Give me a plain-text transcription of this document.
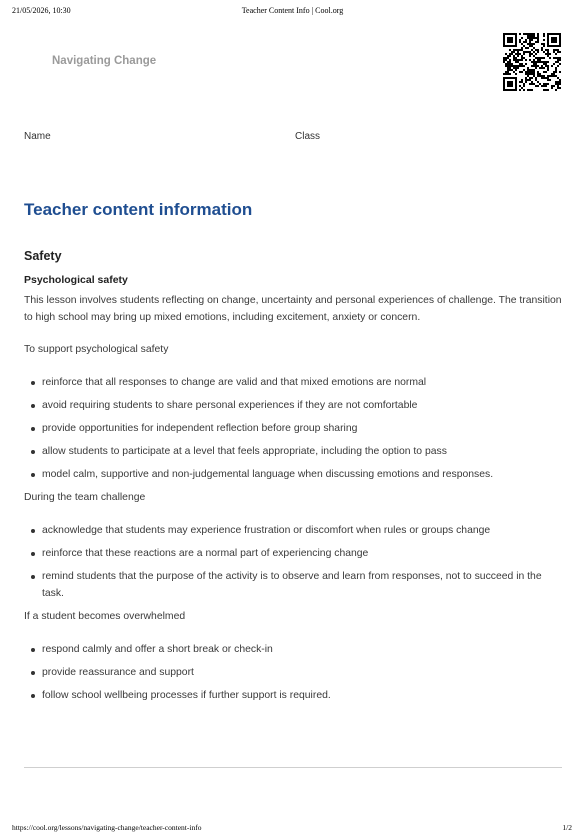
21/05/2026, 10:30	Teacher Content Info | Cool.org
Navigating Change
Name	Class
Teacher content information
Safety
Psychological safety

This lesson involves students reflecting on change, uncertainty and personal experiences of challenge. The transition to high school may bring up mixed emotions, including excitement, anxiety or concern.

To support psychological safety

reinforce that all responses to change are valid and that mixed emotions are normal
avoid requiring students to share personal experiences if they are not comfortable
provide opportunities for independent reflection before group sharing
allow students to participate at a level that feels appropriate, including the option to pass
model calm, supportive and non-judgemental language when discussing emotions and responses.

During the team challenge

acknowledge that students may experience frustration or discomfort when rules or groups change
reinforce that these reactions are a normal part of experiencing change
remind students that the purpose of the activity is to observe and learn from responses, not to succeed in the task.

If a student becomes overwhelmed

respond calmly and offer a short break or check-in
provide reassurance and support
follow school wellbeing processes if further support is required.
https://cool.org/lessons/navigating-change/teacher-content-info	1/2
